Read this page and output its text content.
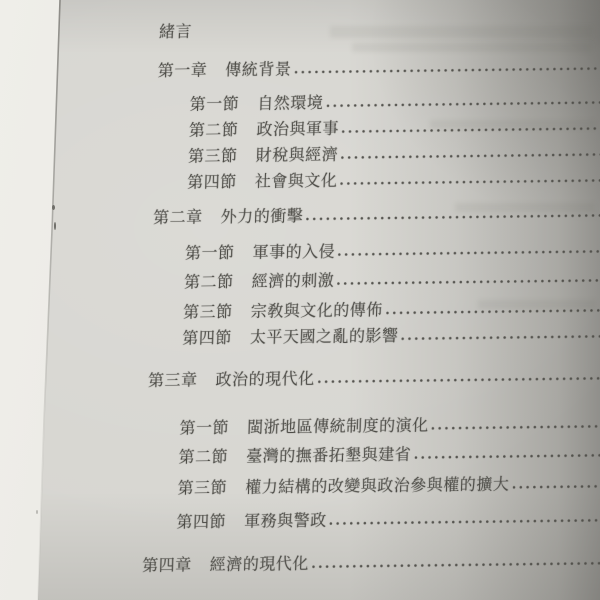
緒言
第一章 傳統背景
第一節 自然環境
第二節 政治與軍事
第三節 財稅與經濟
第四節 社會與文化
第二章 外力的衝擊
第一節 軍事的入侵
第二節 經濟的刺激
第三節 宗敎與文化的傳佈
第四節 太平天國之亂的影響
第三章 政治的現代化
第一節 閩浙地區傳統制度的演化
第二節 臺灣的撫番拓墾與建省
第三節 權力結構的改變與政治參與權的擴大
第四節 軍務與警政
第四章 經濟的現代化
